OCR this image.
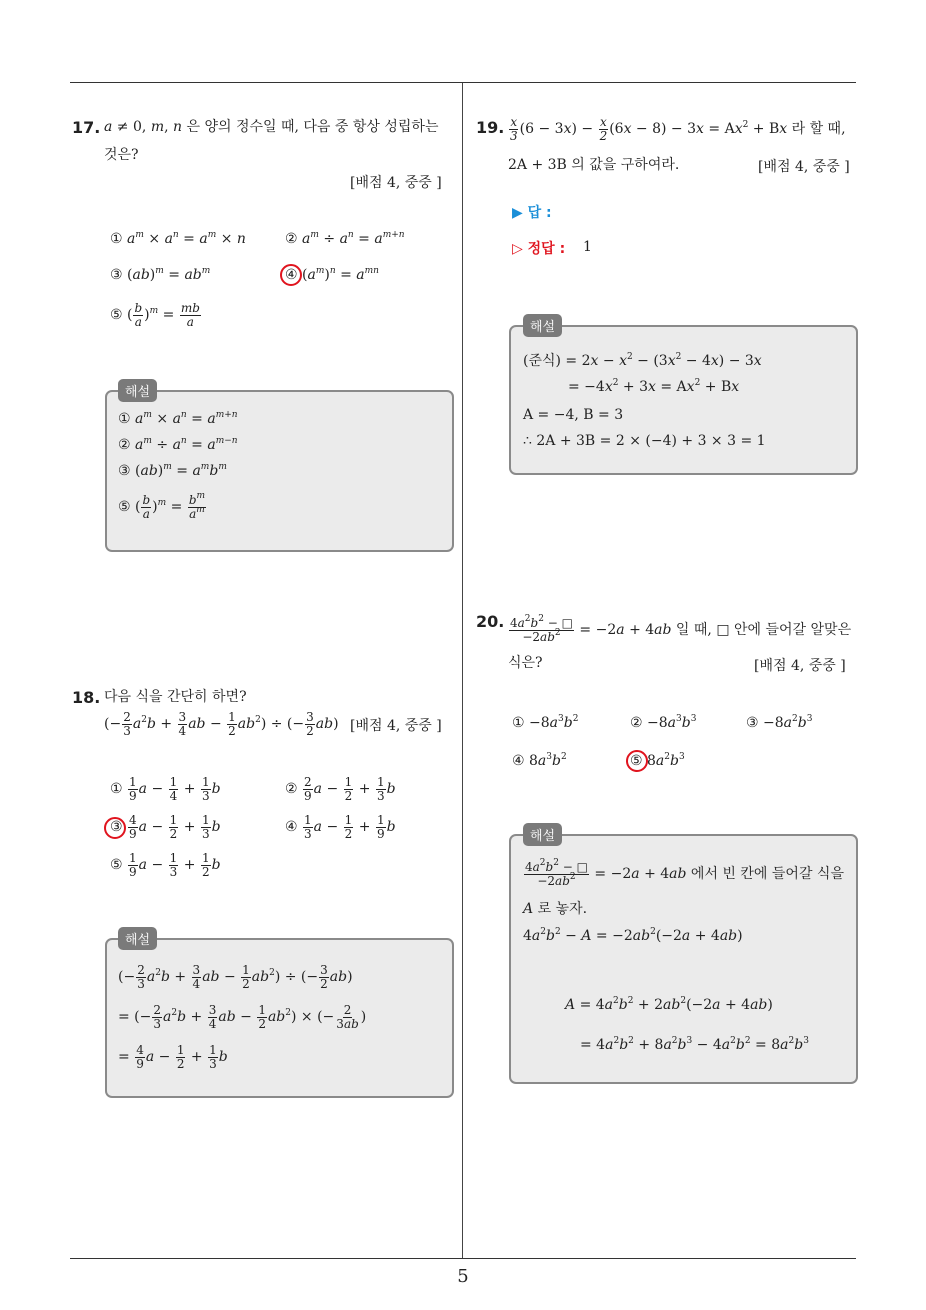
5
17. a ≠ 0, m, n 은 양의 정수일 때, 다음 중 항상 성립하는
것은?
[배점 4, 중중 ]
① $a^m \times a^n = a^m \times n$	② $a^m \div a^n = a^{m+n}$
③ $(ab)^m = ab^m$	④ $(a^m)^n = a^{mn}$
⑤ ( $\frac{b}{a} )^m = \frac{mb}{a}$
해설
① $a^m \times a^n = a^{m+n}$
② $a^m \div a^n = a^{m-n}$
③ $(ab)^m = a^mb^m$
⑤ ( $\frac{b}{a} )^m = \frac{b^m}{a^m}$
18. 다음 식을 간단히 하면?
(− $\frac{2}{3} a^2b + \frac{3}{4}$ ab − $\frac{1}{2} ab^2$) ÷ (− $\frac{3}{2} ab$) [배점 4, 중중 ]
① $\frac{1}{9}$ $a - \frac{1}{4} + \frac{1}{3}$ b	② $\frac{2}{9}$ $a - \frac{1}{2} + \frac{1}{3}$ b
③ $\frac{4}{9}$ $a - \frac{1}{2} + \frac{1}{3}$ b	④ $\frac{1}{3}$ $a - \frac{1}{2} + \frac{1}{9}$ b
⑤ $\frac{1}{9}$ $a - \frac{1}{3} + \frac{1}{2}$ b
해설
(− $\frac{2}{3} a^2b + \frac{3}{4}$ ab − $\frac{1}{2} ab^2$) ÷ (− $\frac{3}{2} ab$)
= (− $\frac{2}{3} a^2b + \frac{3}{4}$ ab − $\frac{1}{2} ab^2$) × (− $\frac{2}{3ab}$ )
= $\frac{4}{9}$ $a - \frac{1}{2} + \frac{1}{3}$ b
19. $\frac{x}{3} (6 - 3x) - \frac{x}{2} (6x - 8) - 3x = Ax^2 + Bx$ 라 할 때,
2A + 3B 의 값을 구하여라.	[배점 4, 중중 ]
▶ 답 :
▷ 정답 : 1
해설
(준식) = $2x - x^2 - (3x^2 - 4x) - 3x$
= $-4x^2 + 3x = Ax^2 + Bx$
A = −4, B = 3
∴ 2A + 3B = 2 × (−4) + 3 × 3 = 1
20. $\frac{4a^2b^2 - □}{-2ab^2} = -2a + 4ab$ 일 때, □ 안에 들어갈 알맞은
식은?	[배점 4, 중중 ]
① $-8a^3b^2$	② $-8a^3b^3$	③ $-8a^2b^3$
④ $8a^3b^2$	⑤ $8a^2b^3$
해설
$\frac{4a^2b^2 - □}{-2ab^2} = -2a + 4ab$ 에서 빈 칸에 들어갈 식을
A 로 놓자.
$4a^2b^2 - A = -2ab^2(-2a + 4ab)$
$A = 4a^2b^2 + 2ab^2(-2a + 4ab)$
= $4a^2b^2 + 8a^2b^3 - 4a^2b^2 = 8a^2b^3$
